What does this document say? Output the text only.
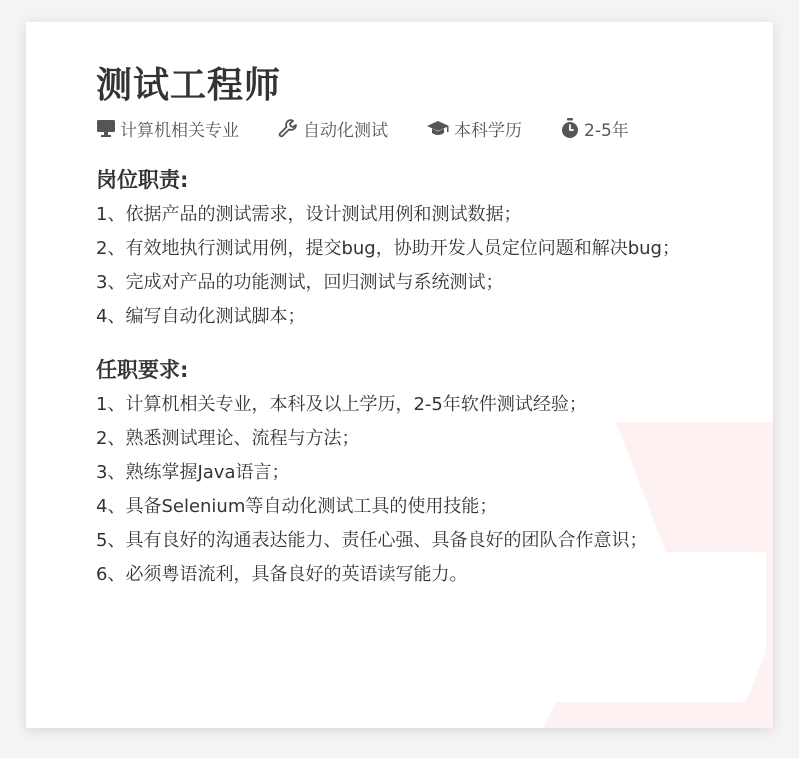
测试工程师
计算机相关专业	自动化测试	本科学历	2-5年
岗位职责:
1、依据产品的测试需求，设计测试用例和测试数据；
2、有效地执行测试用例，提交bug，协助开发人员定位问题和解决bug；
3、完成对产品的功能测试，回归测试与系统测试；
4、编写自动化测试脚本；
任职要求:
1、计算机相关专业，本科及以上学历，2-5年软件测试经验；
2、熟悉测试理论、流程与方法；
3、熟练掌握Java语言；
4、具备Selenium等自动化测试工具的使用技能；
5、具有良好的沟通表达能力、责任心强、具备良好的团队合作意识；
6、必须粤语流利，具备良好的英语读写能力。
